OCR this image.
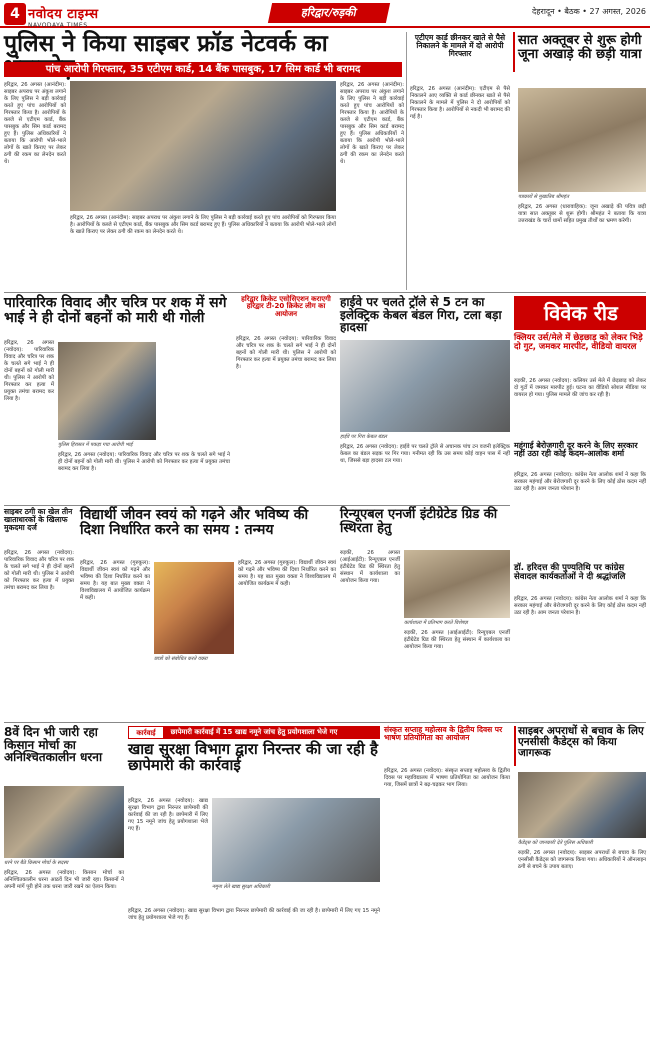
4 नवोदय टाइम्स
NAVODAYA TIMES
हरिद्वार/रुड़की	देहरादून • बैठक • 27 अगस्त, 2026
पुलिस ने किया साइबर फ्रॉड नेटवर्क का
पांच आरोपी गिरफ्तार, 35 एटीएम कार्ड, 14 बैंक पासबुक, 17 सिम कार्ड भी बरामद
हरिद्वार, 26 अगस्त (आनंदीम): साइबर अपराध पर अंकुश लगाने के लिए पुलिस ने बड़ी कार्रवाई करते हुए पांच आरोपियों को गिरफ्तार किया है। आरोपियों के कब्जे से एटीएम कार्ड, बैंक पासबुक और सिम कार्ड बरामद हुए हैं। पुलिस अधिकारियों ने बताया कि आरोपी भोले-भाले लोगों के खाते किराए पर लेकर ठगी की रकम का लेनदेन करते थे।
हरिद्वार, 26 अगस्त (आनंदीम): साइबर अपराध पर अंकुश लगाने के लिए पुलिस ने बड़ी कार्रवाई करते हुए पांच आरोपियों को गिरफ्तार किया है। आरोपियों के कब्जे से एटीएम कार्ड, बैंक पासबुक और सिम कार्ड बरामद हुए हैं। पुलिस अधिकारियों ने बताया कि आरोपी भोले-भाले लोगों के खाते किराए पर लेकर ठगी की रकम का लेनदेन करते थे।
हरिद्वार, 26 अगस्त (आनंदीम): साइबर अपराध पर अंकुश लगाने के लिए पुलिस ने बड़ी कार्रवाई करते हुए पांच आरोपियों को गिरफ्तार किया है। आरोपियों के कब्जे से एटीएम कार्ड, बैंक पासबुक और सिम कार्ड बरामद हुए हैं। पुलिस अधिकारियों ने बताया कि आरोपी भोले-भाले लोगों के खाते किराए पर लेकर ठगी की रकम का लेनदेन करते थे।
एटीएम कार्ड छीनकर खाते से पैसे निकालने के मामले में दो आरोपी गिरफ्तार
हरिद्वार, 26 अगस्त (आनंदीम): एटीएम से पैसे निकालने आए व्यक्ति से कार्ड छीनकर खाते से पैसे निकालने के मामले में पुलिस ने दो आरोपियों को गिरफ्तार किया है। आरोपियों से नकदी भी बरामद की गई है।
सात अक्तूबर से शुरू होगी जूना अखाड़े की छड़ी यात्रा
पत्रकारों से मुखातिब श्रीमहंत
हरिद्वार, 26 अगस्त (धारावाहिक): जूना अखाड़े की पवित्र छड़ी यात्रा सात अक्तूबर से शुरू होगी। श्रीमहंत ने बताया कि यात्रा उत्तराखंड के चारों धामों सहित प्रमुख तीर्थों का भ्रमण करेगी।
पारिवारिक विवाद और चरित्र पर शक में सगे भाई ने ही दोनों बहनों को मारी थी गोली
हरिद्वार, 26 अगस्त (नवोदय): पारिवारिक विवाद और चरित्र पर शक के चलते सगे भाई ने ही दोनों बहनों को गोली मारी थी। पुलिस ने आरोपी को गिरफ्तार कर हत्या में प्रयुक्त तमंचा बरामद कर लिया है।
पुलिस हिरासत में पकड़ा गया आरोपी भाई
हरिद्वार, 26 अगस्त (नवोदय): पारिवारिक विवाद और चरित्र पर शक के चलते सगे भाई ने ही दोनों बहनों को गोली मारी थी। पुलिस ने आरोपी को गिरफ्तार कर हत्या में प्रयुक्त तमंचा बरामद कर लिया है।
हरिद्वार क्रिकेट एसोसिएशन कराएगी हरिद्वार टी-20 क्रिकेट लीग का आयोजन
हरिद्वार, 26 अगस्त (नवोदय): पारिवारिक विवाद और चरित्र पर शक के चलते सगे भाई ने ही दोनों बहनों को गोली मारी थी। पुलिस ने आरोपी को गिरफ्तार कर हत्या में प्रयुक्त तमंचा बरामद कर लिया है।
हाईवे पर चलते ट्रॉले से 5 टन का इलेक्ट्रिक केबल बंडल गिरा, टला बड़ा हादसा
हाईवे पर गिरा केबल बंडल
हरिद्वार, 26 अगस्त (नवोदय): हाईवे पर चलते ट्रॉले से अचानक पांच टन वजनी इलेक्ट्रिक केबल का बंडल सड़क पर गिर गया। गनीमत रही कि उस समय कोई वाहन पास में नहीं था, जिससे बड़ा हादसा टल गया।
विवेक रीड
क्लियर उर्स/मेले में छेड़छाड़ को लेकर भिड़े दो गुट, जमकर मारपीट, वीडियो वायरल
रुड़की, 26 अगस्त (नवोदय): कलियर उर्स मेले में छेड़छाड़ को लेकर दो गुटों में जमकर मारपीट हुई। घटना का वीडियो सोशल मीडिया पर वायरल हो गया। पुलिस मामले की जांच कर रही है।
महंगाई बेरोजगारी दूर करने के लिए सरकार नहीं उठा रही कोई कदम-आलोक शर्मा
हरिद्वार, 26 अगस्त (नवोदय): कांग्रेस नेता आलोक शर्मा ने कहा कि सरकार महंगाई और बेरोजगारी दूर करने के लिए कोई ठोस कदम नहीं उठा रही है। आम जनता परेशान है।
डॉ. हरिदत्त की पुण्यतिथि पर कांग्रेस सेवादल कार्यकर्ताओं ने दी श्रद्धांजलि
हरिद्वार, 26 अगस्त (नवोदय): कांग्रेस नेता आलोक शर्मा ने कहा कि सरकार महंगाई और बेरोजगारी दूर करने के लिए कोई ठोस कदम नहीं उठा रही है। आम जनता परेशान है।
साइबर ठगी का खेल तीन खाताधारकों के खिलाफ मुकदमा दर्ज
हरिद्वार, 26 अगस्त (नवोदय): पारिवारिक विवाद और चरित्र पर शक के चलते सगे भाई ने ही दोनों बहनों को गोली मारी थी। पुलिस ने आरोपी को गिरफ्तार कर हत्या में प्रयुक्त तमंचा बरामद कर लिया है।
विद्यार्थी जीवन स्वयं को गढ़ने और भविष्य की दिशा निर्धारित करने का समय : तन्मय
हरिद्वार, 26 अगस्त (गुरुकुल): विद्यार्थी जीवन स्वयं को गढ़ने और भविष्य की दिशा निर्धारित करने का समय है। यह बात मुख्य वक्ता ने विश्वविद्यालय में आयोजित कार्यक्रम में कही।
छात्रों को संबोधित करते वक्ता
हरिद्वार, 26 अगस्त (गुरुकुल): विद्यार्थी जीवन स्वयं को गढ़ने और भविष्य की दिशा निर्धारित करने का समय है। यह बात मुख्य वक्ता ने विश्वविद्यालय में आयोजित कार्यक्रम में कही।
रिन्यूएबल एनर्जी इंटीग्रेटेड ग्रिड की स्थिरता हेतु
रुड़की, 26 अगस्त (आईआईटी): रिन्यूएबल एनर्जी इंटीग्रेटेड ग्रिड की स्थिरता हेतु संस्थान में कार्यशाला का आयोजन किया गया।
कार्यशाला में प्रतिभाग करते विशेषज्ञ
रुड़की, 26 अगस्त (आईआईटी): रिन्यूएबल एनर्जी इंटीग्रेटेड ग्रिड की स्थिरता हेतु संस्थान में कार्यशाला का आयोजन किया गया।
8वें दिन भी जारी रहा किसान मोर्चा का अनिश्चितकालीन धरना
धरने पर बैठे किसान मोर्चा के सदस्य
हरिद्वार, 26 अगस्त (नवोदय): किसान मोर्चा का अनिश्चितकालीन धरना आठवें दिन भी जारी रहा। किसानों ने अपनी मांगें पूरी होने तक धरना जारी रखने का ऐलान किया।
छापेमारी कार्रवाई में 15 खाद्य नमूने जांच हेतु प्रयोगशाला भेजे गए
कार्रवाई
खाद्य सुरक्षा विभाग द्वारा निरन्तर की जा रही है छापेमारी की कार्रवाई
हरिद्वार, 26 अगस्त (नवोदय): खाद्य सुरक्षा विभाग द्वारा निरन्तर छापेमारी की कार्रवाई की जा रही है। छापेमारी में लिए गए 15 नमूने जांच हेतु प्रयोगशाला भेजे गए हैं।
नमूना लेते खाद्य सुरक्षा अधिकारी
हरिद्वार, 26 अगस्त (नवोदय): खाद्य सुरक्षा विभाग द्वारा निरन्तर छापेमारी की कार्रवाई की जा रही है। छापेमारी में लिए गए 15 नमूने जांच हेतु प्रयोगशाला भेजे गए हैं।
संस्कृत सप्ताह महोत्सव के द्वितीय दिवस पर भाषण प्रतियोगिता का आयोजन
हरिद्वार, 26 अगस्त (नवोदय): संस्कृत सप्ताह महोत्सव के द्वितीय दिवस पर महाविद्यालय में भाषण प्रतियोगिता का आयोजन किया गया, जिसमें छात्रों ने बढ़-चढ़कर भाग लिया।
साइबर अपराधों से बचाव के लिए एनसीसी कैडेट्स को किया जागरूक
कैडेट्स को जानकारी देते पुलिस अधिकारी
रुड़की, 26 अगस्त (नवोदय): साइबर अपराधों से बचाव के लिए एनसीसी कैडेट्स को जागरूक किया गया। अधिकारियों ने ऑनलाइन ठगी से बचने के उपाय बताए।
